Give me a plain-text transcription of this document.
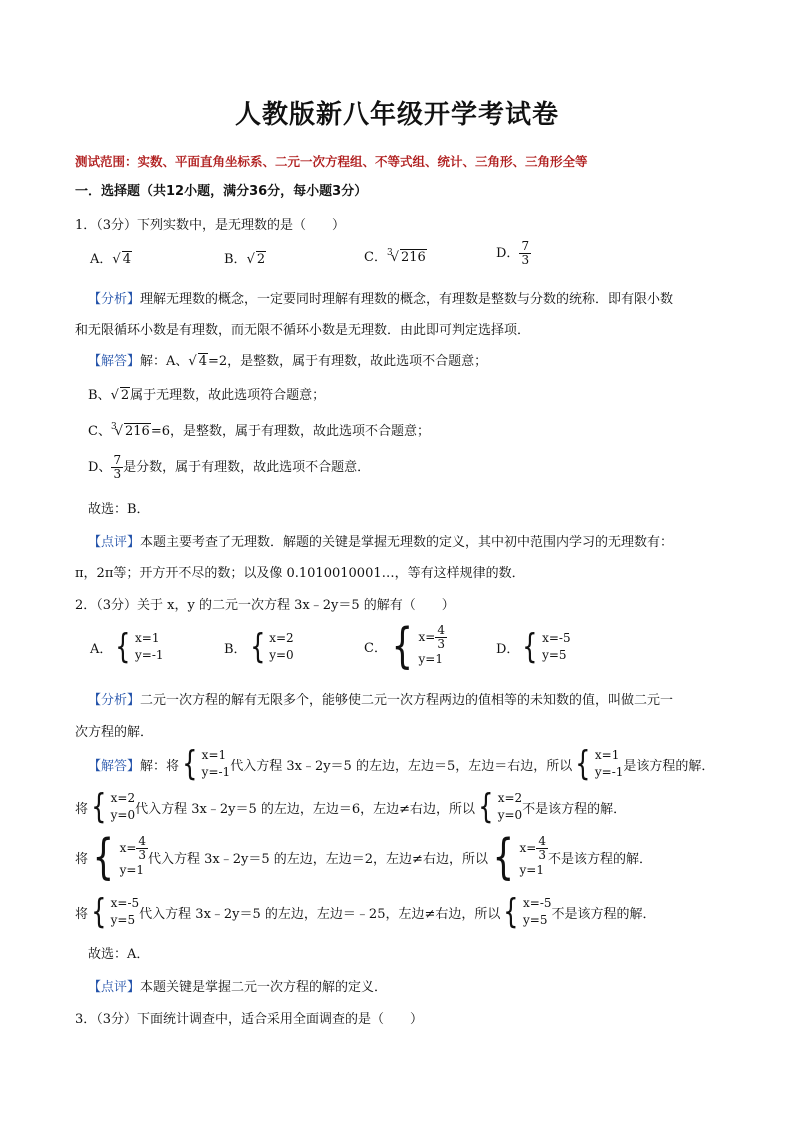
人教版新八年级开学考试卷
测试范围：实数、平面直角坐标系、二元一次方程组、不等式组、统计、三角形、三角形全等
一．选择题（共12小题，满分36分，每小题3分）
1．（3分）下列实数中，是无理数的是（　　）
A．√ 4	B．√ 2	C．$^3$√ 216	D． $\frac{7}{3}$
【分析】理解无理数的概念，一定要同时理解有理数的概念，有理数是整数与分数的统称．即有限小数
和无限循环小数是有理数，而无限不循环小数是无理数．由此即可判定选择项．
【解答】解：A、√ 4=2，是整数，属于有理数，故此选项不合题意；
B、√ 2属于无理数，故此选项符合题意；
C、$^3$√ 216=6，是整数，属于有理数，故此选项不合题意；
D、 $\frac{7}{3}$ 是分数，属于有理数，故此选项不合题意．
故选：B．
【点评】本题主要考查了无理数．解题的关键是掌握无理数的定义，其中初中范围内学习的无理数有：
π，2π等；开方开不尽的数；以及像 0.1010010001…，等有这样规律的数．
2．（3分）关于 x，y 的二元一次方程 3x﹣2y＝5 的解有（　　）
A． { x=1
y=-1	B． { x=2
y=0	C． { $x= \frac{4}{3}$
y=1
D． { x=-5
y=5
【分析】二元一次方程的解有无限多个，能够使二元一次方程两边的值相等的未知数的值，叫做二元一
次方程的解．
【解答】 解：将 { x=1
y=-1 代入方程 3x﹣2y＝5 的左边，左边＝5，左边＝右边，所以 { x=1
y=-1 是该方程的解．
将 { x=2
y=0 代入方程 3x﹣2y＝5 的左边，左边＝6，左边≠右边，所以 { x=2
y=0 不是该方程的解．
将 { $x= \frac{4}{3}$
y=1
代入方程 3x﹣2y＝5 的左边，左边＝2，左边≠右边，所以 { $x= \frac{4}{3}$
y=1
不是该方程的解．
将 { x=-5
y=5 代入方程 3x﹣2y＝5 的左边，左边＝﹣25，左边≠右边，所以 { x=-5
y=5 不是该方程的解．
故选：A．
【点评】本题关键是掌握二元一次方程的解的定义．
3．（3分）下面统计调查中，适合采用全面调查的是（　　）
